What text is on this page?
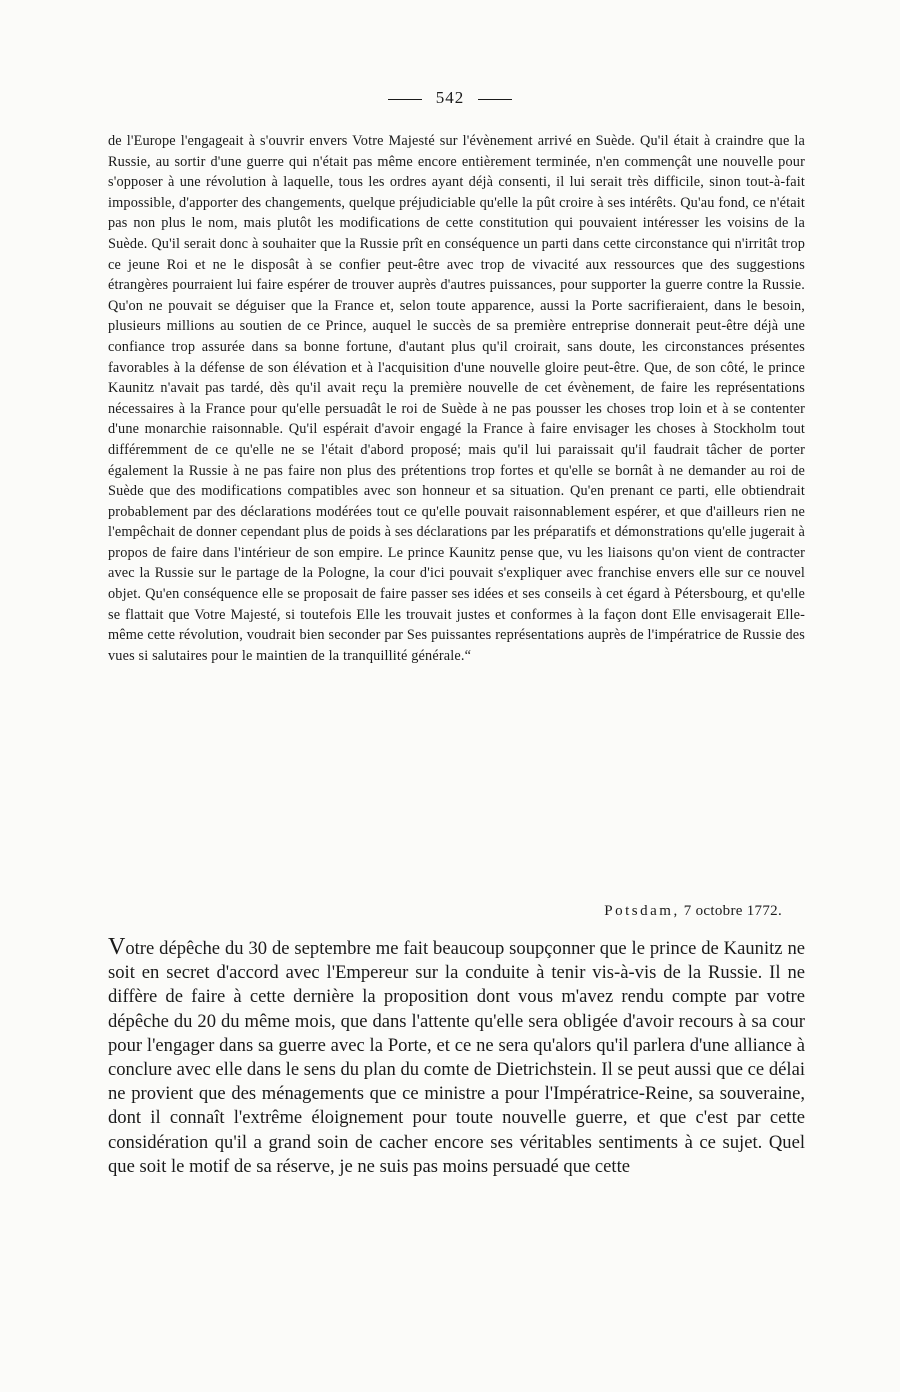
542

de l'Europe l'engageait à s'ouvrir envers Votre Majesté sur l'évènement arrivé en Suède. Qu'il était à craindre que la Russie, au sortir d'une guerre qui n'était pas même encore entièrement terminée, n'en commençât une nouvelle pour s'opposer à une révolution à laquelle, tous les ordres ayant déjà consenti, il lui serait très difficile, sinon tout-à-fait impossible, d'apporter des changements, quelque préjudiciable qu'elle la pût croire à ses intérêts. Qu'au fond, ce n'était pas non plus le nom, mais plutôt les modifications de cette constitution qui pouvaient intéresser les voisins de la Suède. Qu'il serait donc à souhaiter que la Russie prît en conséquence un parti dans cette circonstance qui n'irritât trop ce jeune Roi et ne le disposât à se confier peut-être avec trop de vivacité aux ressources que des suggestions étrangères pourraient lui faire espérer de trouver auprès d'autres puissances, pour supporter la guerre contre la Russie. Qu'on ne pouvait se déguiser que la France et, selon toute apparence, aussi la Porte sacrifieraient, dans le besoin, plusieurs millions au soutien de ce Prince, auquel le succès de sa première entreprise donnerait peut-être déjà une confiance trop assurée dans sa bonne fortune, d'autant plus qu'il croirait, sans doute, les circonstances présentes favorables à la défense de son élévation et à l'acquisition d'une nouvelle gloire peut-être. Que, de son côté, le prince Kaunitz n'avait pas tardé, dès qu'il avait reçu la première nouvelle de cet évènement, de faire les représentations nécessaires à la France pour qu'elle persuadât le roi de Suède à ne pas pousser les choses trop loin et à se contenter d'une monarchie raisonnable. Qu'il espérait d'avoir engagé la France à faire envisager les choses à Stockholm tout différemment de ce qu'elle ne se l'était d'abord proposé; mais qu'il lui paraissait qu'il faudrait tâcher de porter également la Russie à ne pas faire non plus des prétentions trop fortes et qu'elle se bornât à ne demander au roi de Suède que des modifications compatibles avec son honneur et sa situation. Qu'en prenant ce parti, elle obtiendrait probablement par des déclarations modérées tout ce qu'elle pouvait raisonnablement espérer, et que d'ailleurs rien ne l'empêchait de donner cependant plus de poids à ses déclarations par les préparatifs et démonstrations qu'elle jugerait à propos de faire dans l'intérieur de son empire. Le prince Kaunitz pense que, vu les liaisons qu'on vient de contracter avec la Russie sur le partage de la Pologne, la cour d'ici pouvait s'expliquer avec franchise envers elle sur ce nouvel objet. Qu'en conséquence elle se proposait de faire passer ses idées et ses conseils à cet égard à Pétersbourg, et qu'elle se flattait que Votre Majesté, si toutefois Elle les trouvait justes et conformes à la façon dont Elle envisagerait Elle-même cette révolution, voudrait bien seconder par Ses puissantes représentations auprès de l'impératrice de Russie des vues si salutaires pour le maintien de la tranquillité générale.“

Potsdam, 7 octobre 1772.

Votre dépêche du 30 de septembre me fait beaucoup soupçonner que le prince de Kaunitz ne soit en secret d'accord avec l'Empereur sur la conduite à tenir vis-à-vis de la Russie. Il ne diffère de faire à cette dernière la proposition dont vous m'avez rendu compte par votre dépêche du 20 du même mois, que dans l'attente qu'elle sera obligée d'avoir recours à sa cour pour l'engager dans sa guerre avec la Porte, et ce ne sera qu'alors qu'il parlera d'une alliance à conclure avec elle dans le sens du plan du comte de Dietrichstein. Il se peut aussi que ce délai ne provient que des ménagements que ce ministre a pour l'Impératrice-Reine, sa souveraine, dont il connaît l'extrême éloignement pour toute nouvelle guerre, et que c'est par cette considération qu'il a grand soin de cacher encore ses véritables sentiments à ce sujet. Quel que soit le motif de sa réserve, je ne suis pas moins persuadé que cette
